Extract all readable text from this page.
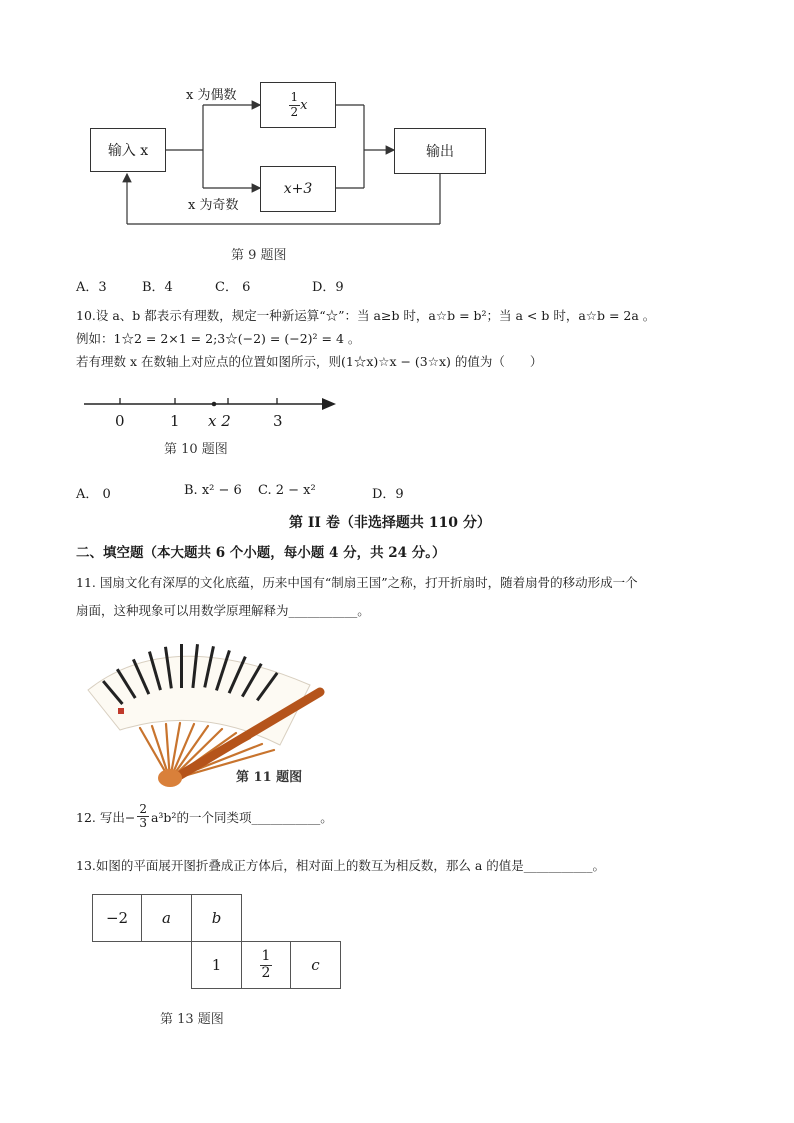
输入 x
x 为偶数	$\frac{1}{2}$ x
x+3
x 为奇数
输出
第 9 题图
A．3	B．4	C． 6	D．9
10.设 a、b 都表示有理数，规定一种新运算“☆”：当 a≥b 时，a☆b = b²；当 a < b 时，a☆b = 2a 。
例如：1☆2 = 2×1 = 2;3☆(−2) = (−2)² = 4 。
若有理数 x 在数轴上对应点的位置如图所示，则(1☆x)☆x − (3☆x) 的值为（　　）
0	1 x 2	3
第 10 题图
A． 0	B. x² − 6 C. 2 − x²	D．9
第 II 卷（非选择题共 110 分）
二、填空题（本大题共 6 个小题，每小题 4 分，共 24 分。）
11. 国扇文化有深厚的文化底蕴，历来中国有“制扇王国”之称，打开折扇时，随着扇骨的移动形成一个
扇面，这种现象可以用数学原理解释为___________。
第 11 题图
12. 写出− $\frac{2}{3} a^3b^2$的一个同类项___________。
13.如图的平面展开图折叠成正方体后，相对面上的数互为相反数，那么 a 的值是___________。
−2	a	b
1	$\frac{1}{2}$	c
第 13 题图
